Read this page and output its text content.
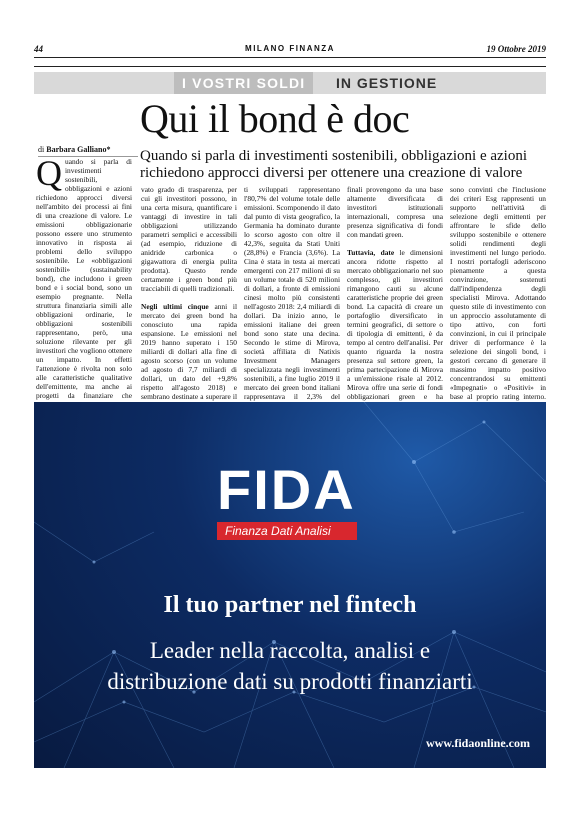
44	MILANO FINANZA	19 Ottobre 2019
I VOSTRI SOLDI	IN GESTIONE
Qui il bond è doc
Quando si parla di investimenti sostenibili, obbligazioni e azioni richiedono approcci diversi per ottenere una creazione di valore
di Barbara Galliano*
Q uando si parla di investimenti sostenibili, obbligazioni e azioni richiedono approcci diversi nell'ambito dei processi ai fini di una creazione di valore. Le emissioni obbligazionarie possono essere uno strumento innovativo in risposta ai problemi dello sviluppo sostenibile. Le «obbligazioni sostenibili» (sustainability bond), che includono i green bond e i social bond, sono un esempio pregnante. Nella struttura finanziaria simili alle obbligazioni ordinarie, le obbligazioni sostenibili rappresentano, però, una soluzione rilevante per gli investitori che vogliono ottenere un impatto. In effetti l'attenzione è rivolta non solo alle caratteristiche qualitative dell'emittente, ma anche ai progetti da finanziare che

vato grado di trasparenza, per cui gli investitori possono, in una certa misura, quantificare i vantaggi di investire in tali obbligazioni utilizzando parametri semplici e accessibili (ad esempio, riduzione di anidride carbonica o gigawattora di energia pulita prodotta). Questo rende certamente i green bond più tracciabili di quelli tradizionali.

Negli ultimi cinque anni il mercato dei green bond ha conosciuto una rapida espansione. Le emissioni nel 2019 hanno superato i 150 miliardi di dollari alla fine di agosto scorso (con un volume ad agosto di 7,7 miliardi di dollari, un dato del +9,8% rispetto all'agosto 2018) e sembrano destinate a superare il

ti sviluppati rappresentano l'80,7% del volume totale delle emissioni. Scomponendo il dato dal punto di vista geografico, la Germania ha dominato durante lo scorso agosto con oltre il 42,3%, seguita da Stati Uniti (28,8%) e Francia (3,6%). La Cina è stata in testa ai mercati emergenti con 217 milioni di su un volume totale di 520 milioni di dollari, a fronte di emissioni cinesi molto più consistenti nell'agosto 2018: 2,4 miliardi di dollari. Da inizio anno, le emissioni italiane dei green bond sono state una decina. Secondo le stime di Mirova, società affiliata di Natixis Investment Managers specializzata negli investimenti sostenibili, a fine luglio 2019 il mercato dei green bond italiani rappresentava il 2,3% del

finali provengono da una base altamente diversificata di investitori istituzionali internazionali, compresa una presenza significativa di fondi con mandati green.

Tuttavia, date le dimensioni ancora ridotte rispetto al mercato obbligazionario nel suo complesso, gli investitori rimangono cauti su alcune caratteristiche proprie dei green bond. La capacità di creare un portafoglio diversificato in termini geografici, di settore o di tipologia di emittenti, è da tempo al centro dell'analisi. Per quanto riguarda la nostra presenza sul settore green, la prima partecipazione di Mirova a un'emissione risale al 2012. Mirova offre una serie di fondi obbligazionari green e ha

sono convinti che l'inclusione dei criteri Esg rappresenti un supporto nell'attività di selezione degli emittenti per affrontare le sfide dello sviluppo sostenibile e ottenere solidi rendimenti degli investimenti nel lungo periodo. I nostri portafogli aderiscono pienamente a questa convinzione, sostenuti dall'indipendenza degli specialisti Mirova. Adottando questo stile di investimento con un approccio assolutamente di tipo attivo, con forti convinzioni, in cui il principale driver di performance è la selezione dei singoli bond, i gestori cercano di generare il massimo impatto positivo concentrandosi su emittenti «Impegnati» o «Positivi» in base al proprio rating interno.

FIDA
Finanza Dati Analisi
Il tuo partner nel fintech
Leader nella raccolta, analisi e
distribuzione dati su prodotti finanziarti
www.fidaonline.com
